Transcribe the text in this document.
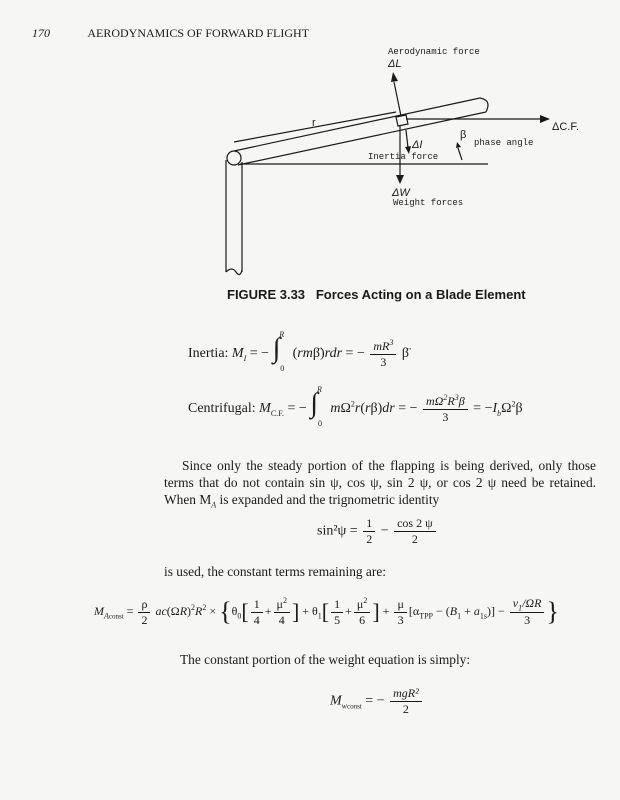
170	AERODYNAMICS OF FORWARD FLIGHT
Aerodynamic force
ΔL
r	ΔC.F.
ΔI
Inertia force
β
phase angle
ΔW
Weight forces
FIGURE 3.33   Forces Acting on a Blade Element
Inertia: $M_I$ = − $\int_0^R$ (rmβ̈)rdr = − $\frac{mR^3}{3}$ β̈
Centrifugal: $M_{C.F.}$ = − $\int_0^R$ $m\Omega^2r(r\beta)dr$ = − $\frac{m\Omega^2R^3\beta}{3} = -I_b\Omega^2\beta$
Since only the steady portion of the flapping is being derived, only those terms that do not contain sin ψ, cos ψ, sin 2 ψ, or cos 2 ψ need be retained. When $M_A$ is expanded and the trignometric identity
$\sin^2\psi = \frac{1}{2} - \frac{\cos 2 \psi}{2}$
is used, the constant terms remaining are:
$M_{Aconst} = \frac{\rho}{2} ac(\Omega R)^2R^2 \times \{\theta_0[ \frac{1}{4} + \frac{\mu^2}{4}$ ] + $\theta_1[ \frac{1}{5} + \frac{\mu^2}{6}$ ] + $\frac{\mu}{3} [\alpha_{TPP} - (B_1 + a_{1s})] - \frac{v_1/\Omega R}{3}$ }
The constant portion of the weight equation is simply:
$M_{wconst}$ = − $\frac{\text{mgR²}}{2}$
